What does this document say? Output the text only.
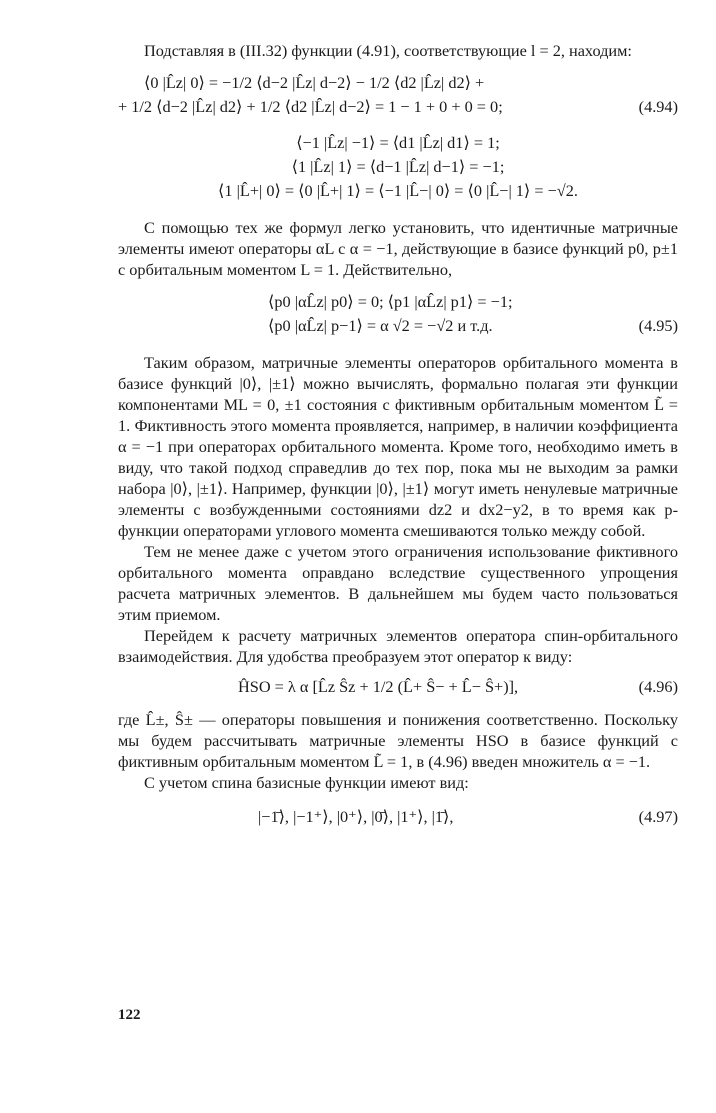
Подставляя в (III.32) функции (4.91), соответствующие l = 2, находим:

⟨0 |L̂z| 0⟩ = −1/2 ⟨d−2 |L̂z| d−2⟩ − 1/2 ⟨d2 |L̂z| d2⟩ +
+ 1/2 ⟨d−2 |L̂z| d2⟩ + 1/2 ⟨d2 |L̂z| d−2⟩ = 1 − 1 + 0 + 0 = 0;	(4.94)
⟨−1 |L̂z| −1⟩ = ⟨d1 |L̂z| d1⟩ = 1;
⟨1 |L̂z| 1⟩ = ⟨d−1 |L̂z| d−1⟩ = −1;
⟨1 |L̂+| 0⟩ = ⟨0 |L̂+| 1⟩ = ⟨−1 |L̂−| 0⟩ = ⟨0 |L̂−| 1⟩ = −√2.

С помощью тех же формул легко установить, что идентичные матричные элементы имеют операторы αL с α = −1, действующие в базисе функций p0, p±1 с орбитальным моментом L = 1. Действительно,

⟨p0 |αL̂z| p0⟩ = 0; ⟨p1 |αL̂z| p1⟩ = −1;
⟨p0 |αL̂z| p−1⟩ = α √2 = −√2 и т.д.	(4.95)

Таким образом, матричные элементы операторов орбитального момента в базисе функций |0⟩, |±1⟩ можно вычислять, формально полагая эти функции компонентами ML = 0, ±1 состояния с фиктивным орбитальным моментом L̃ = 1. Фиктивность этого момента проявляется, например, в наличии коэффициента α = −1 при операторах орбитального момента. Кроме того, необходимо иметь в виду, что такой подход справедлив до тех пор, пока мы не выходим за рамки набора |0⟩, |±1⟩. Например, функции |0⟩, |±1⟩ могут иметь ненулевые матричные элементы с возбужденными состояниями dz2 и dx2−y2, в то время как p-функции операторами углового момента смешиваются только между собой.

Тем не менее даже с учетом этого ограничения использование фиктивного орбитального момента оправдано вследствие существенного упрощения расчета матричных элементов. В дальнейшем мы будем часто пользоваться этим приемом.

Перейдем к расчету матричных элементов оператора спин-орбитального взаимодействия. Для удобства преобразуем этот оператор к виду:

ĤSO = λ α [L̂z Ŝz + 1/2 (L̂+ Ŝ− + L̂− Ŝ+)],	(4.96)

где L̂±, Ŝ± — операторы повышения и понижения соответственно. Поскольку мы будем рассчитывать матричные элементы HSO в базисе функций с фиктивным орбитальным моментом L̃ = 1, в (4.96) введен множитель α = −1.

С учетом спина базисные функции имеют вид:

|−1̄⟩, |−1⁺⟩, |0⁺⟩, |0̄⟩, |1⁺⟩, |1̄⟩,	(4.97)
122
